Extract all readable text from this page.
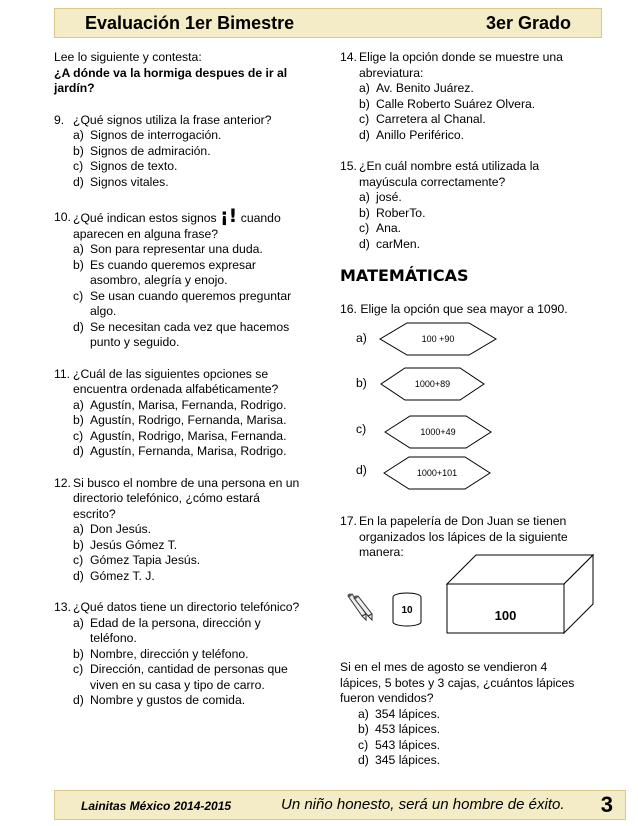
Evaluación 1er Bimestre	3er Grado
Lee lo siguiente y contesta:
¿A dónde va la hormiga despues de ir al jardín?
9. ¿Qué signos utiliza la frase anterior?
a) Signos de interrogación.
b) Signos de admiración.
c) Signos de texto.
d) Signos vitales.
10. ¿Qué indican estos signos ¡! cuando aparecen en alguna frase?
a) Son para representar una duda.
b) Es cuando queremos expresar asombro, alegría y enojo.
c) Se usan cuando queremos preguntar algo.
d) Se necesitan cada vez que hacemos punto y seguido.
11. ¿Cuál de las siguientes opciones se encuentra ordenada alfabéticamente?
a) Agustín, Marisa, Fernanda, Rodrigo.
b) Agustín, Rodrigo, Fernanda, Marisa.
c) Agustín, Rodrigo, Marisa, Fernanda.
d) Agustín, Fernanda, Marisa, Rodrigo.
12. Si busco el nombre de una persona en un directorio telefónico, ¿cómo estará escrito?
a) Don Jesús.
b) Jesús Gómez T.
c) Gómez Tapia Jesús.
d) Gómez T. J.
13. ¿Qué datos tiene un directorio telefónico?
a) Edad de la persona, dirección y teléfono.
b) Nombre, dirección y teléfono.
c) Dirección, cantidad de personas que viven en su casa y tipo de carro.
d) Nombre y gustos de comida.
14. Elige la opción donde se muestre una abreviatura:
a) Av. Benito Juárez.
b) Calle Roberto Suárez Olvera.
c) Carretera al Chanal.
d) Anillo Periférico.
15. ¿En cuál nombre está utilizada la mayúscula correctamente?
a) josé.
b) RoberTo.
c) Ana.
d) carMen.
MATEMÁTICAS
16. Elige la opción que sea mayor a 1090.
a)	100 +90
b)	1000+89
c)	1000+49
d)	1000+101
17. En la papelería de Don Juan se tienen organizados los lápices de la siguiente manera:
10	100
Si en el mes de agosto se vendieron 4 lápices, 5 botes y 3 cajas, ¿cuántos lápices fueron vendidos?
a) 354 lápices.
b) 453 lápices.
c) 543 lápices.
d) 345 lápices.
Lainitas México 2014-2015	Un niño honesto, será un hombre de éxito. 3
